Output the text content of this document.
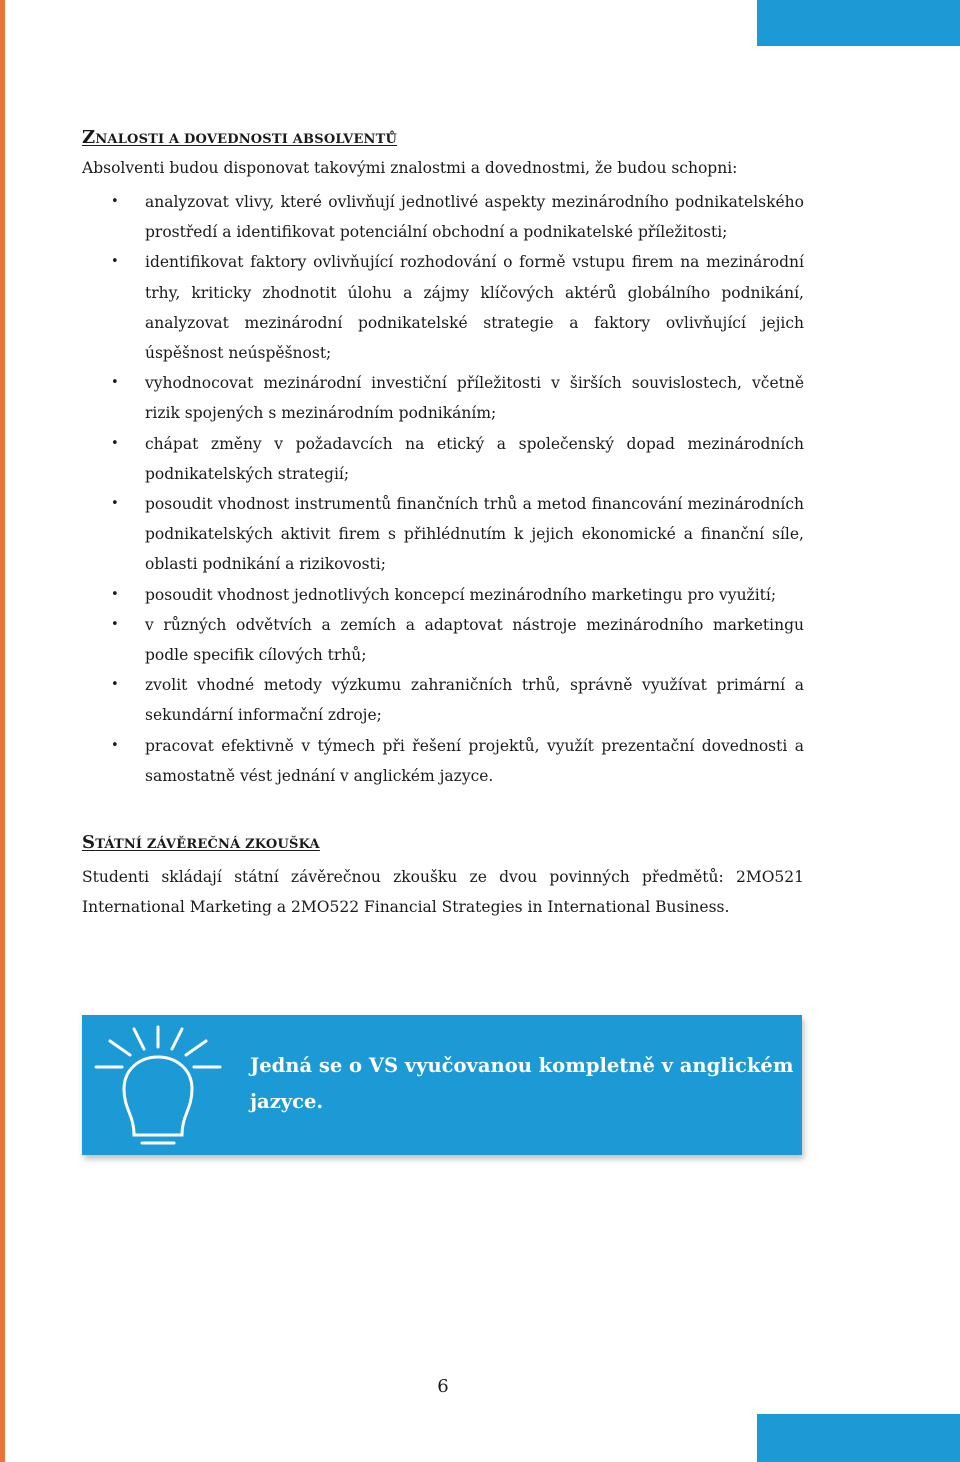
ZNALOSTI A DOVEDNOSTI ABSOLVENTŮ
Absolventi budou disponovat takovými znalostmi a dovednostmi, že budou schopni:
• analyzovat vlivy, které ovlivňují jednotlivé aspekty mezinárodního podnikatelského prostředí a identifikovat potenciální obchodní a podnikatelské příležitosti;
• identifikovat faktory ovlivňující rozhodování o formě vstupu firem na mezinárodní trhy, kriticky zhodnotit úlohu a zájmy klíčových aktérů globálního podnikání, analyzovat mezinárodní podnikatelské strategie a faktory ovlivňující jejich úspěšnost neúspěšnost;
• vyhodnocovat mezinárodní investiční příležitosti v širších souvislostech, včetně rizik spojených s mezinárodním podnikáním;
• chápat změny v požadavcích na etický a společenský dopad mezinárodních podnikatelských strategií;
• posoudit vhodnost instrumentů finančních trhů a metod financování mezinárodních podnikatelských aktivit firem s přihlédnutím k jejich ekonomické a finanční síle, oblasti podnikání a rizikovosti;
• posoudit vhodnost jednotlivých koncepcí mezinárodního marketingu pro využití;
• v různých odvětvích a zemích a adaptovat nástroje mezinárodního marketingu podle specifik cílových trhů;
• zvolit vhodné metody výzkumu zahraničních trhů, správně využívat primární a sekundární informační zdroje;
• pracovat efektivně v týmech při řešení projektů, využít prezentační dovednosti a samostatně vést jednání v anglickém jazyce.
STÁTNÍ ZÁVĚREČNÁ ZKOUŠKA
Studenti skládají státní závěrečnou zkoušku ze dvou povinných předmětů: 2MO521
International Marketing a 2MO522 Financial Strategies in International Business.
Jedná se o VS vyučovanou kompletně v anglickém jazyce.
6
